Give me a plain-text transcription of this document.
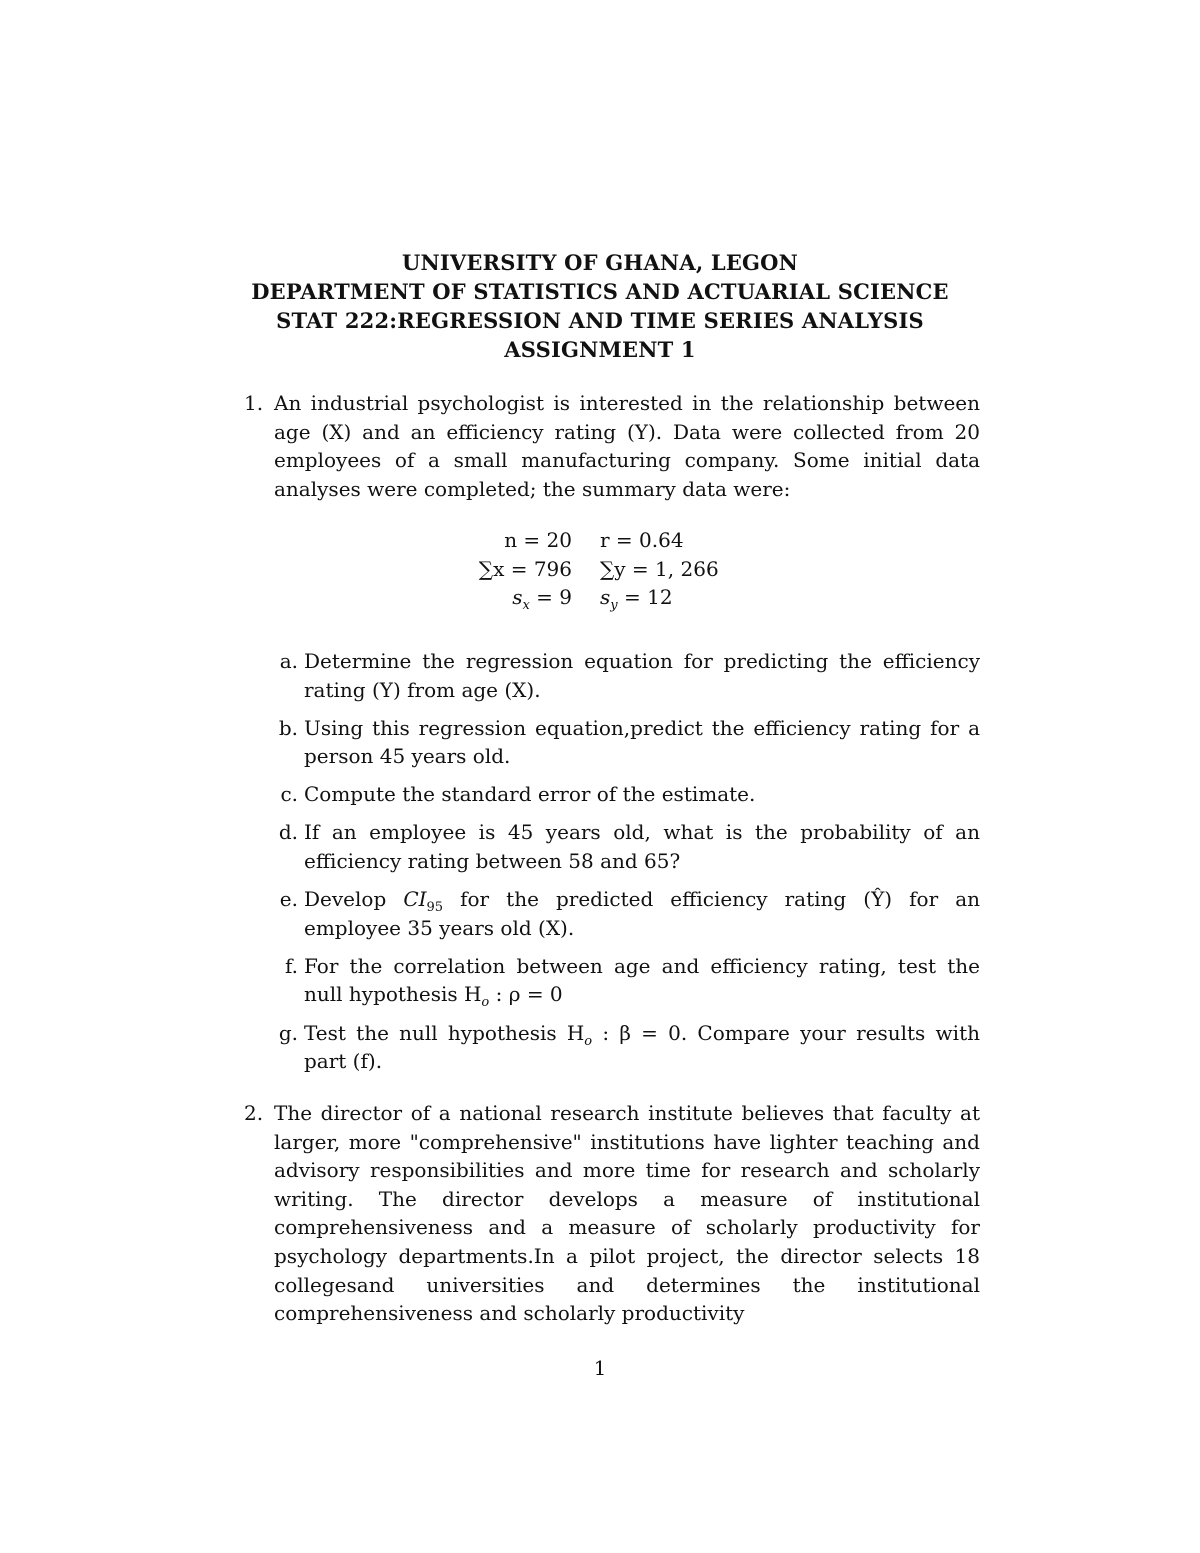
UNIVERSITY OF GHANA, LEGON
DEPARTMENT OF STATISTICS AND ACTUARIAL SCIENCE
STAT 222:REGRESSION AND TIME SERIES ANALYSIS
ASSIGNMENT 1
1. An industrial psychologist is interested in the relationship between age (X) and an efficiency rating (Y). Data were collected from 20 employees of a small manufacturing company. Some initial data analyses were completed; the summary data were:
n = 20	r = 0.64
∑x = 796	∑y = 1, 266
$s_x = 9$	$s_y = 12$
a. Determine the regression equation for predicting the efficiency rating (Y) from age (X).
b. Using this regression equation,predict the efficiency rating for a person 45 years old.
c. Compute the standard error of the estimate.
d. If an employee is 45 years old, what is the probability of an efficiency rating between 58 and 65?
e. Develop $CI_{95}$ for the predicted efficiency rating (Ŷ) for an employee 35 years old (X).
f. For the correlation between age and efficiency rating, test the null hypothesis $H_o$ : ρ = 0
g. Test the null hypothesis $H_o$ : β = 0. Compare your results with part (f).
2. The director of a national research institute believes that faculty at larger, more "comprehensive" institutions have lighter teaching and advisory responsibilities and more time for research and scholarly writing. The director develops a measure of institutional comprehensiveness and a measure of scholarly productivity for psychology departments.In a pilot project, the director selects 18 collegesand universities and determines the institutional comprehensiveness and scholarly productivity
1
